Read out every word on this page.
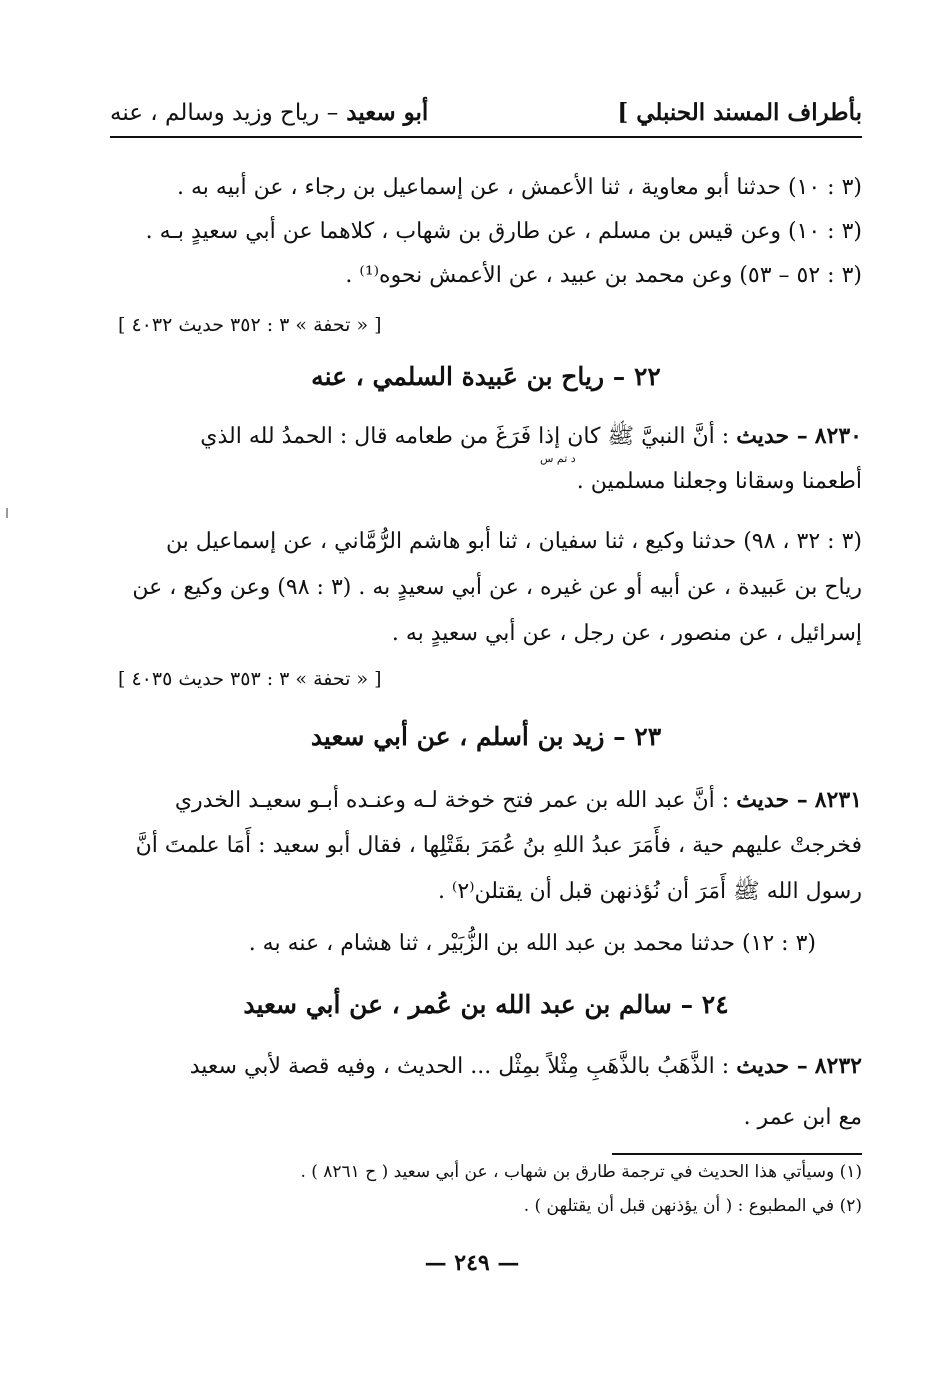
بأطراف المسند الحنبلي ]
أبو سعيد – رياح وزيد وسالم ، عنه
(٣ : ١٠) حدثنا أبو معاوية ، ثنا الأعمش ، عن إسماعيل بن رجاء ، عن أبيه به .
(٣ : ١٠) وعن قيس بن مسلم ، عن طارق بن شهاب ، كلاهما عن أبي سعيدٍ بـه .
(٣ : ٥٢ – ٥٣) وعن محمد بن عبيد ، عن الأعمش نحوه⁽¹⁾ .
[ « تحفة » ٣ : ٣٥٢ حديث ٤٠٣٢ ]
٢٢ – رياح بن عَبيدة السلمي ، عنه
٨٢٣٠ – حديث : أنَّ النبيَّ ﷺ كان إذا فَرَغَ من طعامه قال : الحمدُ لله الذي
د تم س
أطعمنا وسقانا وجعلنا مسلمين .
(٣ : ٣٢ ، ٩٨) حدثنا وكيع ، ثنا سفيان ، ثنا أبو هاشم الرُّمَّاني ، عن إسماعيل بن
رياح بن عَبيدة ، عن أبيه أو عن غيره ، عن أبي سعيدٍ به . (٣ : ٩٨) وعن وكيع ، عن
إسرائيل ، عن منصور ، عن رجل ، عن أبي سعيدٍ به .
[ « تحفة » ٣ : ٣٥٣ حديث ٤٠٣٥ ]
٢٣ – زيد بن أسلم ، عن أبي سعيد
٨٢٣١ – حديث : أنَّ عبد الله بن عمر فتح خوخة لـه وعنـده أبـو سعيـد الخدري
فخرجتْ عليهم حية ، فأَمَرَ عبدُ اللهِ بنُ عُمَرَ بقَتْلِها ، فقال أبو سعيد : أَمَا علمتَ أنَّ
رسول الله ﷺ أَمَرَ أن نُؤذنهن قبل أن يقتلن⁽٢⁾ .
(٣ : ١٢) حدثنا محمد بن عبد الله بن الزُّبَيْر ، ثنا هشام ، عنه به .
٢٤ – سالم بن عبد الله بن عُمر ، عن أبي سعيد
٨٢٣٢ – حديث : الذَّهَبُ بالذَّهَبِ مِثْلاً بمِثْل ... الحديث ، وفيه قصة لأبي سعيد
مع ابن عمر .
(١) وسيأتي هذا الحديث في ترجمة طارق بن شهاب ، عن أبي سعيد ( ح ٨٢٦١ ) .
(٢) في المطبوع : ( أن يؤذنهن قبل أن يقتلهن ) .
— ٢٤٩ —
